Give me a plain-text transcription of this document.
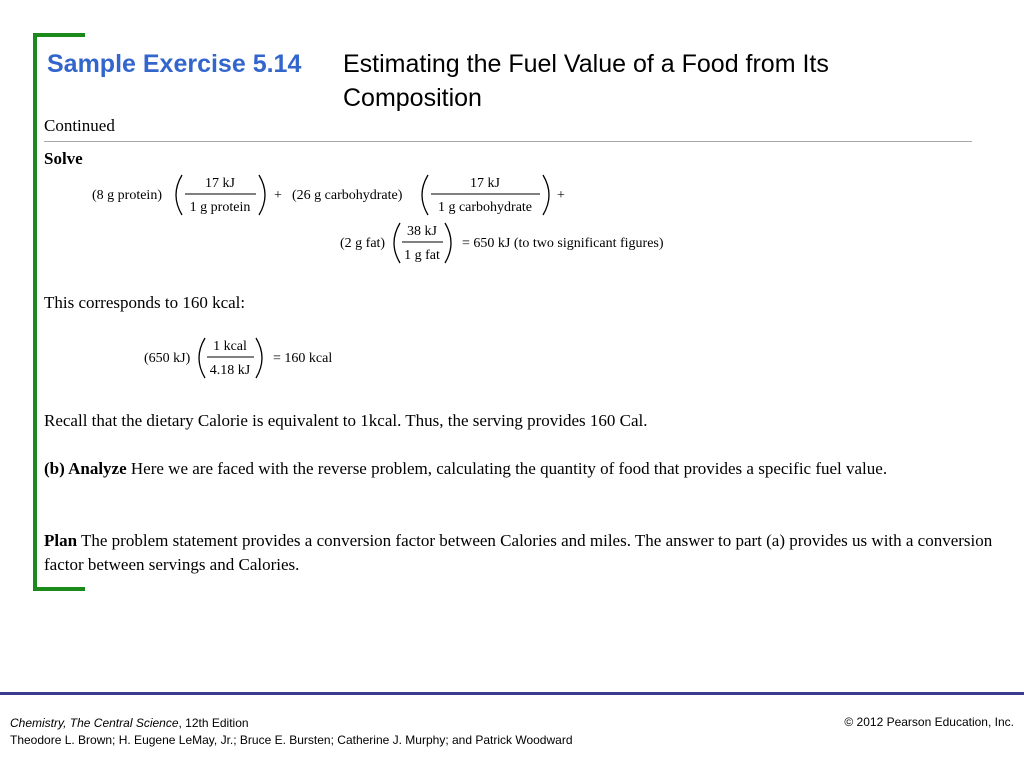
Sample Exercise 5.14 Estimating the Fuel Value of a Food from Its Composition
Continued
Solve
(8 g protein)
17 kJ
1 g protein
+ (26 g carbohydrate)
17 kJ
1 g carbohydrate
+
(2 g fat)
38 kJ
1 g fat
= 650 kJ (to two significant figures)
This corresponds to 160 kcal:
(650 kJ)
1 kcal
4.18 kJ
= 160 kcal
Recall that the dietary Calorie is equivalent to 1kcal. Thus, the serving provides 160 Cal.
(b) Analyze Here we are faced with the reverse problem, calculating the quantity of food that provides a specific fuel value.
Plan The problem statement provides a conversion factor between Calories and miles. The answer to part (a) provides us with a conversion factor between servings and Calories.
Chemistry, The Central Science, 12th Edition
Theodore L. Brown; H. Eugene LeMay, Jr.; Bruce E. Bursten; Catherine J. Murphy; and Patrick Woodward
© 2012 Pearson Education, Inc.
